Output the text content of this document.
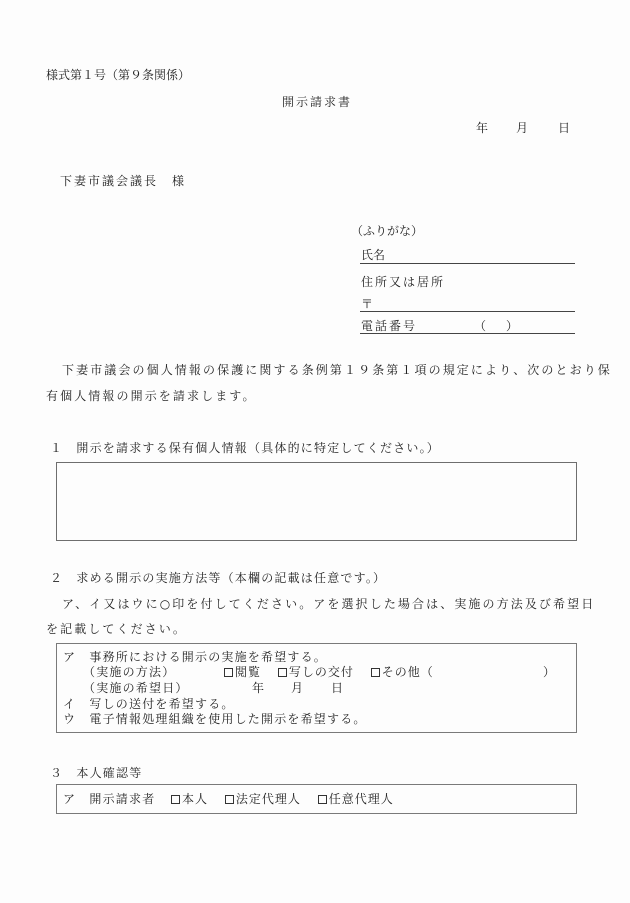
様式第１号（第９条関係）
開示請求書
年 月 日
下妻市議会議長　様
（ふりがな）
氏名
住所又は居所
〒
電話番号	（ ）
下妻市議会の個人情報の保護に関する条例第１９条第１項の規定により、次のとおり保
有個人情報の開示を請求します。
１　開示を請求する保有個人情報（具体的に特定してください。）
２　求める開示の実施方法等（本欄の記載は任意です。）
ア、イ又はウに○印を付してください。アを選択した場合は、実施の方法及び希望日
を記載してください。
ア　事務所における開示の実施を希望する。
（実施の方法）	閲覧 写しの交付 その他（	）
（実施の希望日）	年 月 日
イ　写しの送付を希望する。
ウ　電子情報処理組織を使用した開示を希望する。
３　本人確認等
ア　開示請求者	本人 法定代理人 任意代理人
